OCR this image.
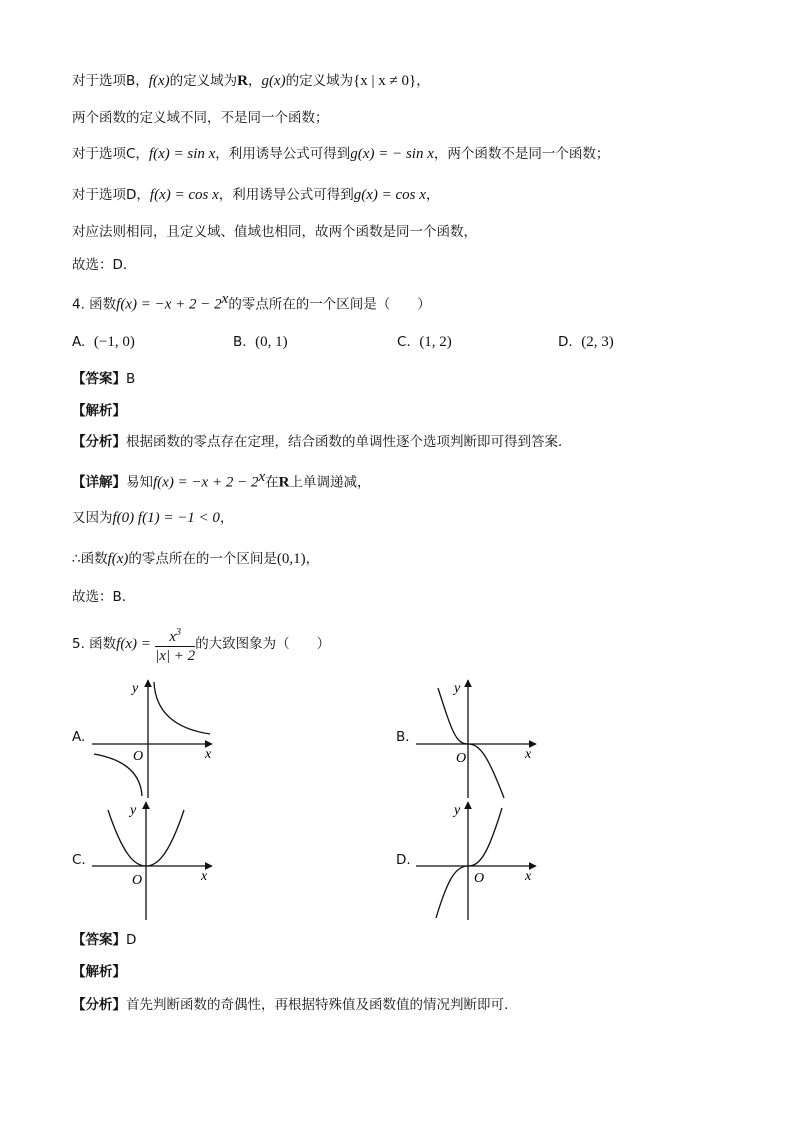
对于选项B，f(x)的定义域为R，g(x)的定义域为{x | x ≠ 0}，
两个函数的定义域不同，不是同一个函数；
对于选项C，f(x) = sin x，利用诱导公式可得到g(x) = − sin x，两个函数不是同一个函数；
对于选项D，f(x) = cos x，利用诱导公式可得到g(x) = cos x，
对应法则相同，且定义域、值域也相同，故两个函数是同一个函数，
故选：D．
4. 函数$f(x) = -x + 2 - 2^x$的零点所在的一个区间是（　　）
A. (−1, 0)	B. (0, 1)	C. (1, 2)	D. (2, 3)
【答案】B
【解析】
【分析】根据函数的零点存在定理，结合函数的单调性逐个选项判断即可得到答案．
【详解】易知$f(x) = -x + 2 - 2^x$在R上单调递减，
又因为f(0) f(1) = −1 < 0，
∴函数f(x)的零点所在的一个区间是(0,1)，
故选：B．
5. 函数$f(x) = \frac{x^3}{|x| + 2}$ 的大致图象为（　　）
A.
x
y
O
B.
x
y
O
C.
x
y
O
D.
x
y
O
【答案】D
【解析】
【分析】首先判断函数的奇偶性，再根据特殊值及函数值的情况判断即可.
